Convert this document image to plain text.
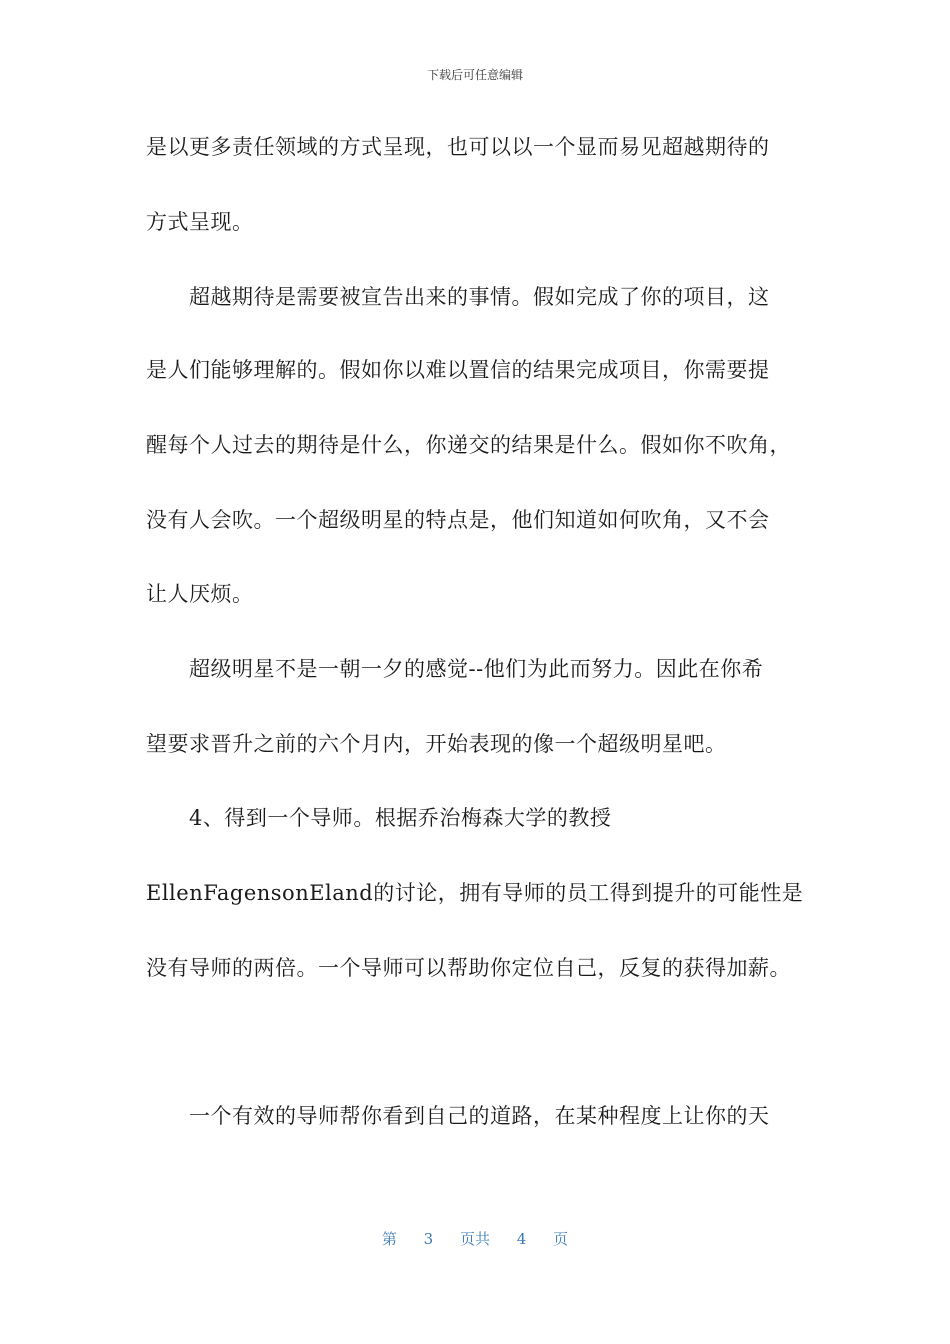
下载后可任意编辑
是以更多责任领域的方式呈现，也可以以一个显而易见超越期待的
方式呈现。
超越期待是需要被宣告出来的事情。假如完成了你的项目，这
是人们能够理解的。假如你以难以置信的结果完成项目，你需要提
醒每个人过去的期待是什么，你递交的结果是什么。假如你不吹角，
没有人会吹。一个超级明星的特点是，他们知道如何吹角，又不会
让人厌烦。
超级明星不是一朝一夕的感觉--他们为此而努力。因此在你希
望要求晋升之前的六个月内，开始表现的像一个超级明星吧。
4、得到一个导师。根据乔治梅森大学的教授
EllenFagensonEland的讨论，拥有导师的员工得到提升的可能性是
没有导师的两倍。一个导师可以帮助你定位自己，反复的获得加薪。
一个有效的导师帮你看到自己的道路，在某种程度上让你的天
第 3 页共 4 页
